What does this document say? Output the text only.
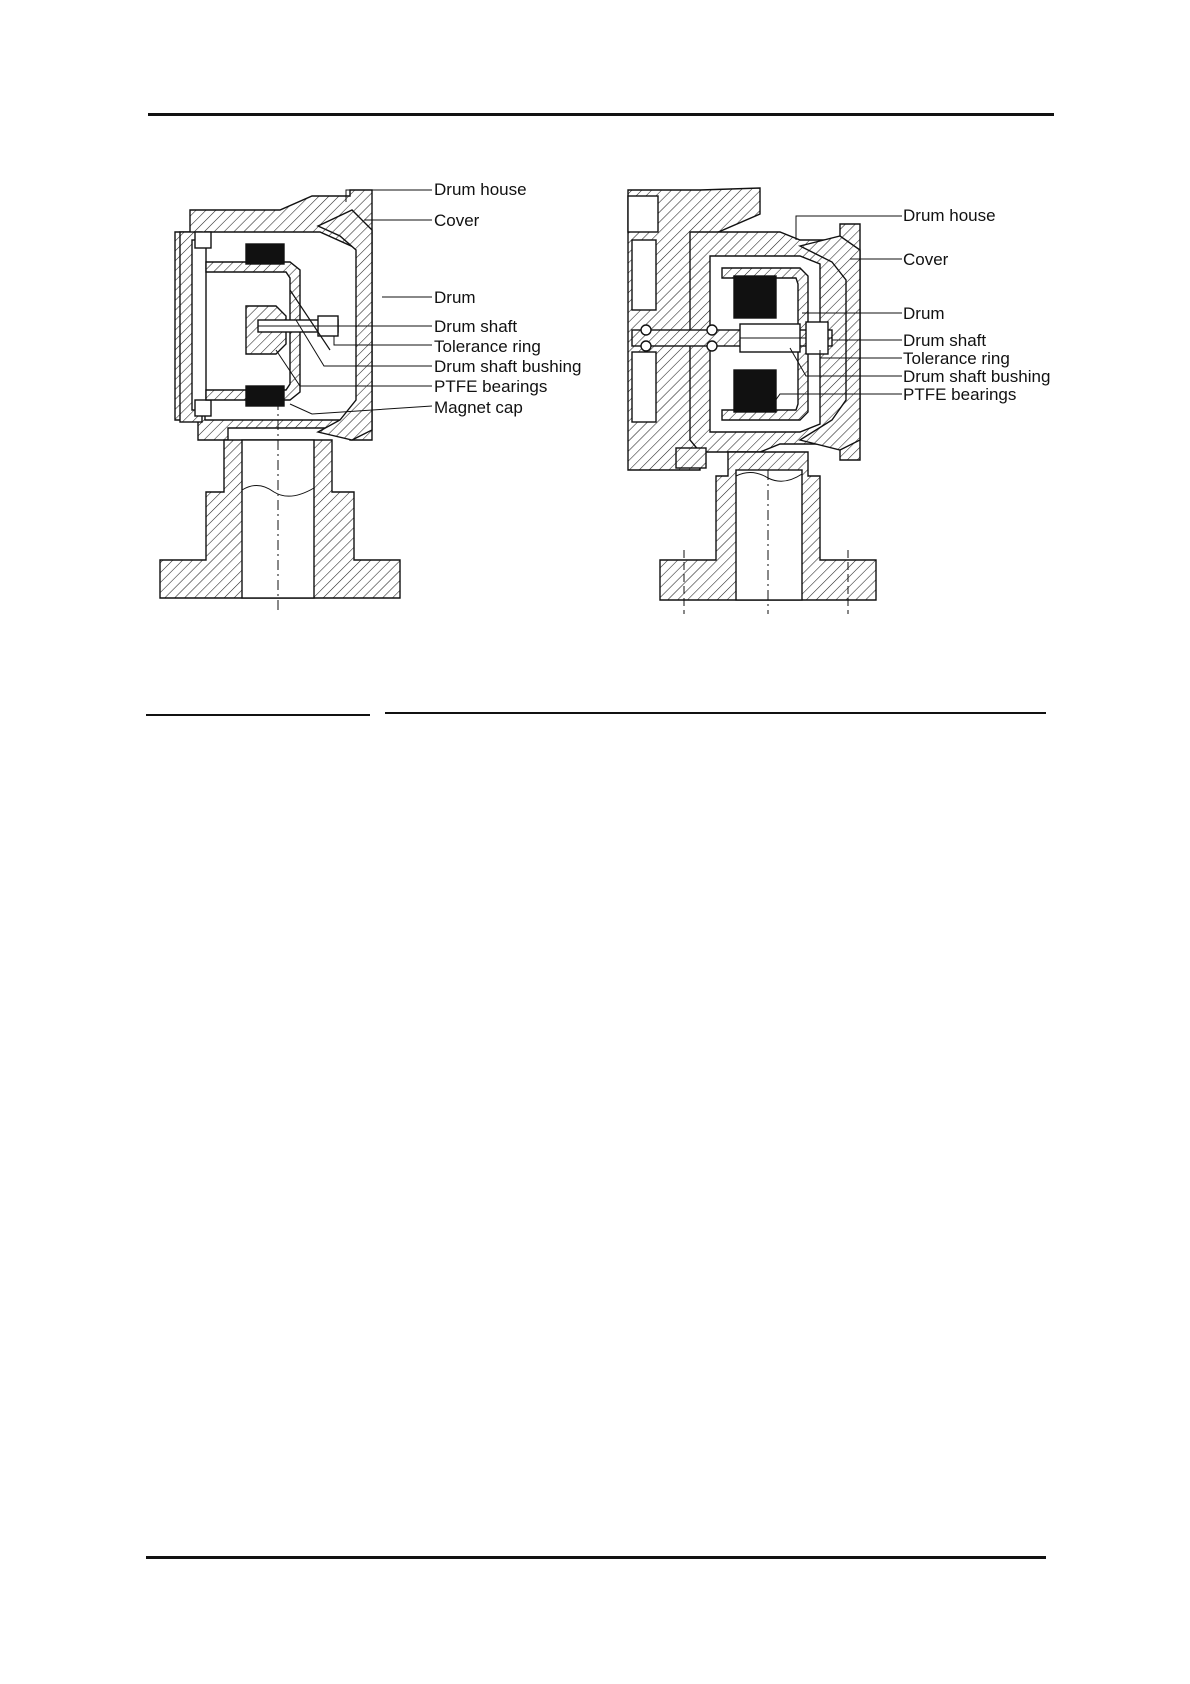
Drum house
Cover
Drum
Drum shaft
Tolerance ring
Drum shaft bushing
PTFE bearings
Magnet cap
Drum house
Cover
Drum
Drum shaft
Tolerance ring
Drum shaft bushing
PTFE bearings
